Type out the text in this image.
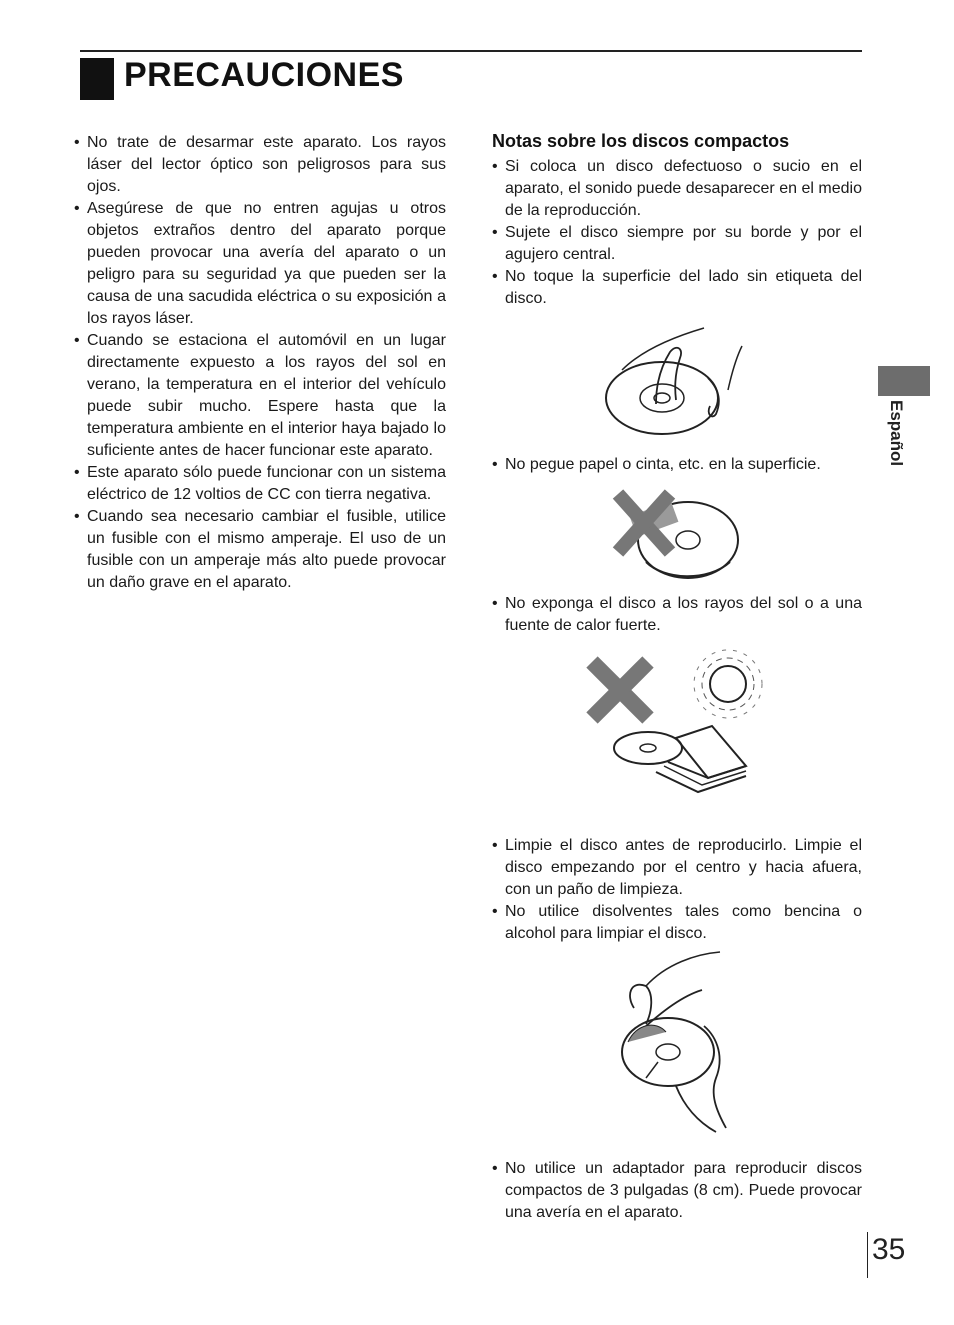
PRECAUCIONES
• No trate de desarmar este aparato. Los rayos láser del lector óptico son peligrosos para sus ojos.
• Asegúrese de que no entren agujas u otros objetos extraños dentro del aparato porque pueden provocar una avería del aparato o un peligro para su seguridad ya que pueden ser la causa de una sacudida eléctrica o su exposición a los rayos láser.
• Cuando se estaciona el automóvil en un lugar directamente expuesto a los rayos del sol en verano, la temperatura en el interior del vehículo puede subir mucho. Espere hasta que la temperatura ambiente en el interior haya bajado lo suficiente antes de hacer funcionar este aparato.
• Este aparato sólo puede funcionar con un sistema eléctrico de 12 voltios de CC con tierra negativa.
• Cuando sea necesario cambiar el fusible, utilice un fusible con el mismo amperaje. El uso de un fusible con un amperaje más alto puede provocar un daño grave en el aparato.
Notas sobre los discos compactos
• Si coloca un disco defectuoso o sucio en el aparato, el sonido puede desaparecer en el medio de la reproducción.
• Sujete el disco siempre por su borde y por el agujero central.
• No toque la superficie del lado sin etiqueta del disco.
• No pegue papel o cinta, etc. en la superficie.
• No exponga el disco a los rayos del sol o a una fuente de calor fuerte.
• Limpie el disco antes de reproducirlo. Limpie el disco empezando por el centro y hacia afuera, con un paño de limpieza.
• No utilice disolventes tales como bencina o alcohol para limpiar el disco.
• No utilice un adaptador para reproducir discos compactos de 3 pulgadas (8 cm). Puede provocar una avería en el aparato.
Español
35
